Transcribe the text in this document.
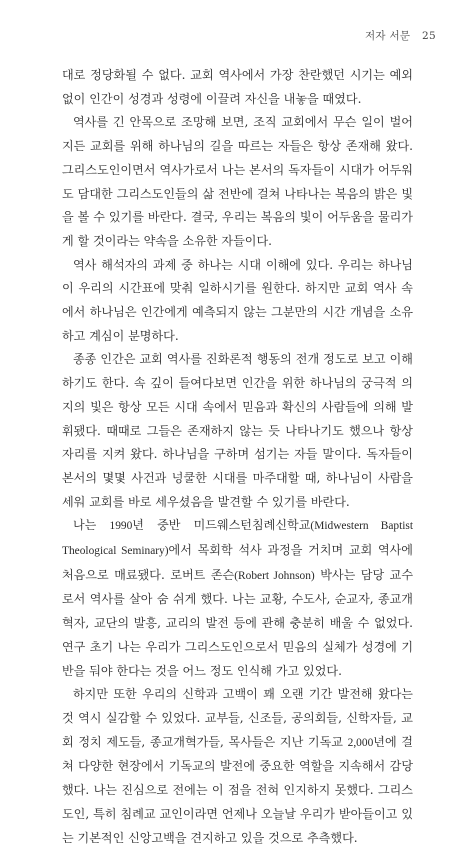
저자 서문 25

대로 정당화될 수 없다. 교회 역사에서 가장 찬란했던 시기는 예외 없이 인간이 성경과 성령에 이끌려 자신을 내놓을 때였다.

역사를 긴 안목으로 조망해 보면, 조직 교회에서 무슨 일이 벌어지든 교회를 위해 하나님의 길을 따르는 자들은 항상 존재해 왔다. 그리스도인이면서 역사가로서 나는 본서의 독자들이 시대가 어두워도 담대한 그리스도인들의 삶 전반에 걸쳐 나타나는 복음의 밝은 빛을 볼 수 있기를 바란다. 결국, 우리는 복음의 빛이 어두움을 물리가게 할 것이라는 약속을 소유한 자들이다.

역사 해석자의 과제 중 하나는 시대 이해에 있다. 우리는 하나님이 우리의 시간표에 맞춰 일하시기를 원한다. 하지만 교회 역사 속에서 하나님은 인간에게 예측되지 않는 그분만의 시간 개념을 소유하고 계심이 분명하다.

종종 인간은 교회 역사를 진화론적 행동의 전개 정도로 보고 이해하기도 한다. 속 깊이 들여다보면 인간을 위한 하나님의 궁극적 의지의 빛은 항상 모든 시대 속에서 믿음과 확신의 사람들에 의해 발휘됐다. 때때로 그들은 존재하지 않는 듯 나타나기도 했으나 항상 자리를 지켜 왔다. 하나님을 구하며 섬기는 자들 말이다. 독자들이 본서의 몇몇 사건과 넝쿨한 시대를 마주대할 때, 하나님이 사람을 세워 교회를 바로 세우셨음을 발견할 수 있기를 바란다.

나는 1990년 중반 미드웨스턴침례신학교(Midwestern Baptist Theological Seminary)에서 목회학 석사 과정을 거치며 교회 역사에 처음으로 매료됐다. 로버트 존슨(Robert Johnson) 박사는 담당 교수로서 역사를 살아 숨 쉬게 했다. 나는 교황, 수도사, 순교자, 종교개혁자, 교단의 발흥, 교리의 발전 등에 관해 충분히 배울 수 없었다. 연구 초기 나는 우리가 그리스도인으로서 믿음의 실체가 성경에 기반을 둬야 한다는 것을 어느 정도 인식해 가고 있었다.

하지만 또한 우리의 신학과 고백이 꽤 오랜 기간 발전해 왔다는 것 역시 실감할 수 있었다. 교부들, 신조들, 공의회들, 신학자들, 교회 정치 제도들, 종교개혁가들, 목사들은 지난 기독교 2,000년에 걸쳐 다양한 현장에서 기독교의 발전에 중요한 역할을 지속해서 감당했다. 나는 진심으로 전에는 이 점을 전혀 인지하지 못했다. 그리스도인, 특히 침례교 교인이라면 언제나 오늘날 우리가 받아들이고 있는 기본적인 신앙고백을 견지하고 있을 것으로 추측했다.
